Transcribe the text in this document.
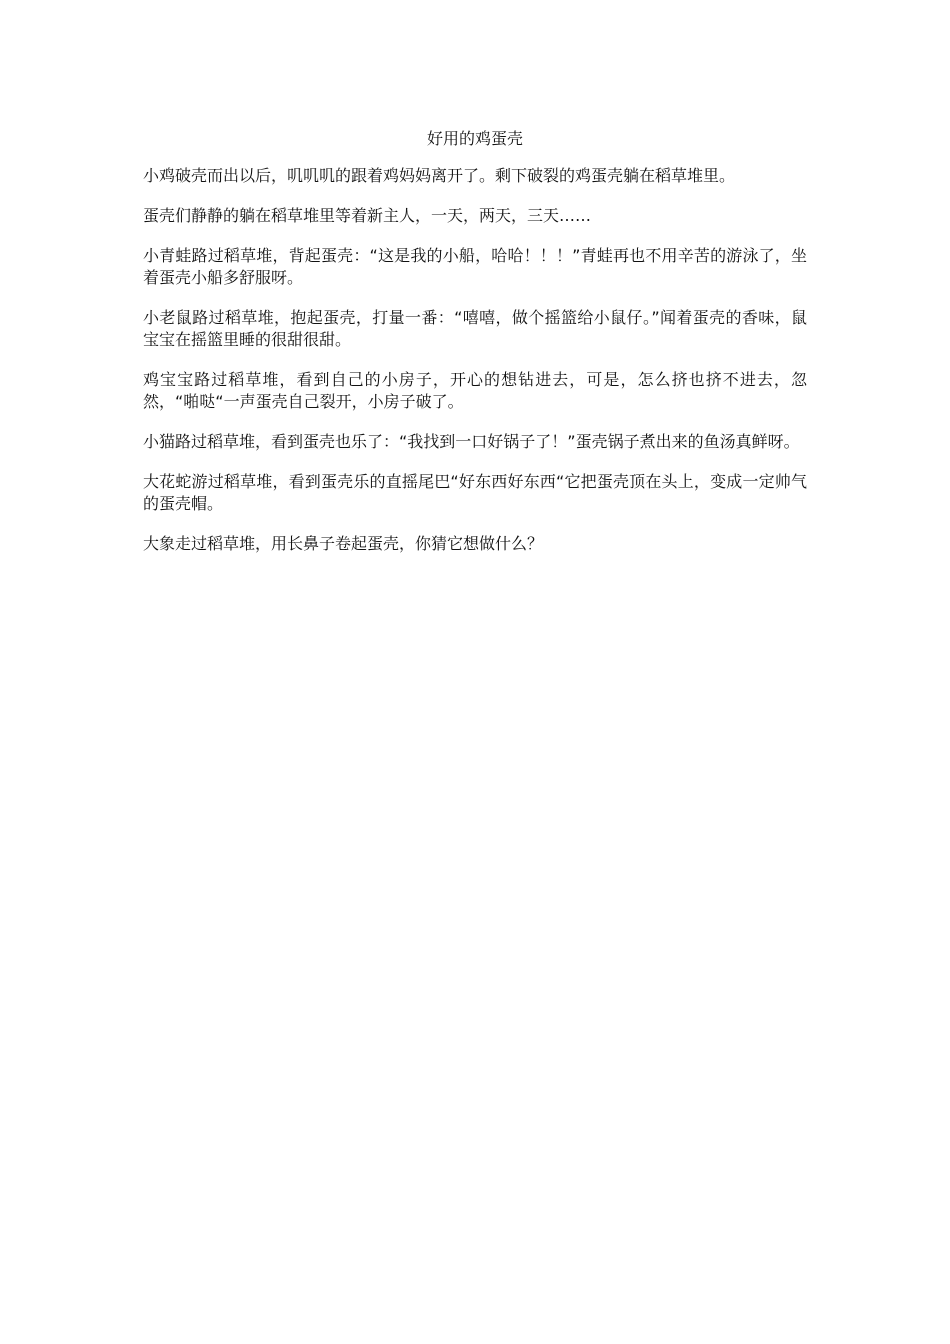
好用的鸡蛋壳

小鸡破壳而出以后，叽叽叽的跟着鸡妈妈离开了。剩下破裂的鸡蛋壳躺在稻草堆里。

蛋壳们静静的躺在稻草堆里等着新主人，一天，两天，三天……

小青蛙路过稻草堆，背起蛋壳：“这是我的小船，哈哈！！！”青蛙再也不用辛苦的游泳了，坐着蛋壳小船多舒服呀。

小老鼠路过稻草堆，抱起蛋壳，打量一番：“嘻嘻，做个摇篮给小鼠仔。”闻着蛋壳的香味，鼠宝宝在摇篮里睡的很甜很甜。

鸡宝宝路过稻草堆，看到自己的小房子，开心的想钻进去，可是，怎么挤也挤不进去，忽然，“啪哒“一声蛋壳自己裂开，小房子破了。

小猫路过稻草堆，看到蛋壳也乐了：“我找到一口好锅子了！”蛋壳锅子煮出来的鱼汤真鲜呀。

大花蛇游过稻草堆，看到蛋壳乐的直摇尾巴“好东西好东西“它把蛋壳顶在头上，变成一定帅气的蛋壳帽。

大象走过稻草堆，用长鼻子卷起蛋壳，你猜它想做什么？
